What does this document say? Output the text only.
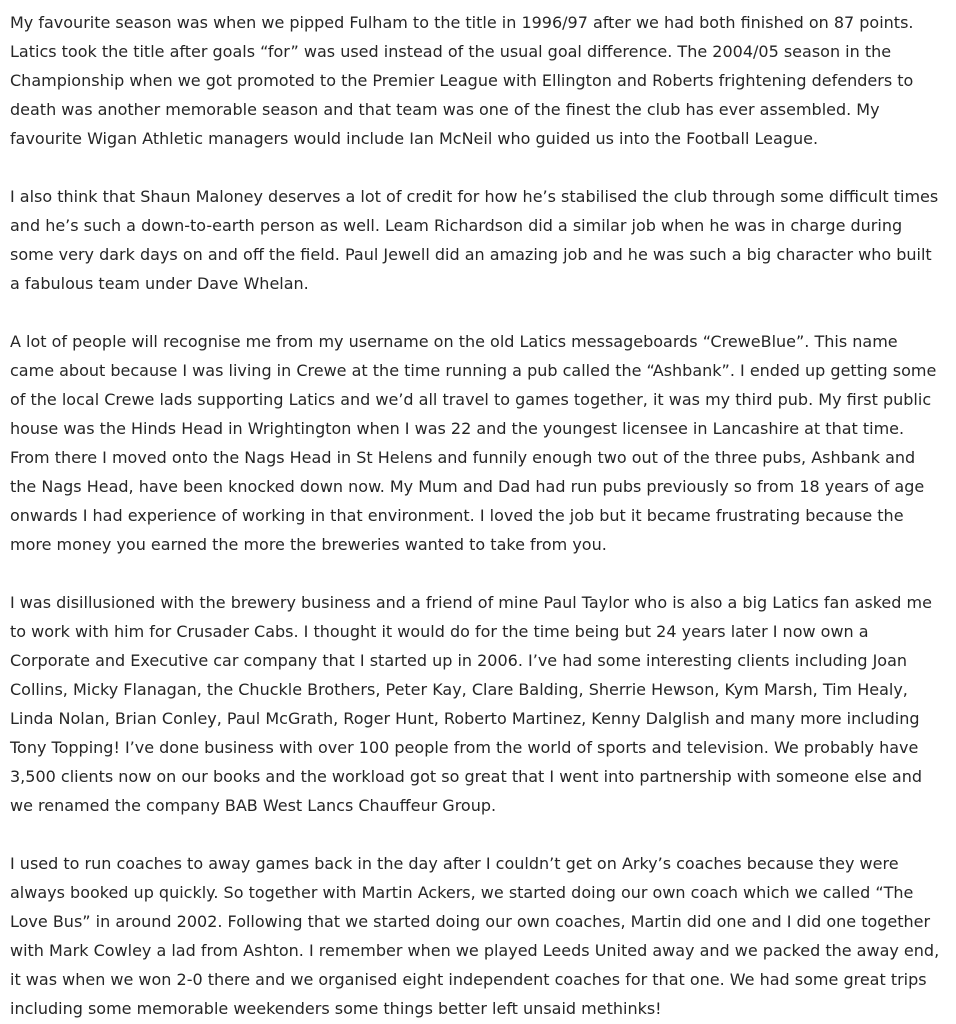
My favourite season was when we pipped Fulham to the title in 1996/97 after we had both finished on 87 points. Latics took the title after goals “for” was used instead of the usual goal difference. The 2004/05 season in the Championship when we got promoted to the Premier League with Ellington and Roberts frightening defenders to death was another memorable season and that team was one of the finest the club has ever assembled. My favourite Wigan Athletic managers would include Ian McNeil who guided us into the Football League.

I also think that Shaun Maloney deserves a lot of credit for how he’s stabilised the club through some difficult times and he’s such a down-to-earth person as well. Leam Richardson did a similar job when he was in charge during some very dark days on and off the field. Paul Jewell did an amazing job and he was such a big character who built a fabulous team under Dave Whelan.

A lot of people will recognise me from my username on the old Latics messageboards “CreweBlue”. This name came about because I was living in Crewe at the time running a pub called the “Ashbank”. I ended up getting some of the local Crewe lads supporting Latics and we’d all travel to games together, it was my third pub. My first public house was the Hinds Head in Wrightington when I was 22 and the youngest licensee in Lancashire at that time. From there I moved onto the Nags Head in St Helens and funnily enough two out of the three pubs, Ashbank and the Nags Head, have been knocked down now. My Mum and Dad had run pubs previously so from 18 years of age onwards I had experience of working in that environment. I loved the job but it became frustrating because the more money you earned the more the breweries wanted to take from you.

I was disillusioned with the brewery business and a friend of mine Paul Taylor who is also a big Latics fan asked me to work with him for Crusader Cabs. I thought it would do for the time being but 24 years later I now own a Corporate and Executive car company that I started up in 2006. I’ve had some interesting clients including Joan Collins, Micky Flanagan, the Chuckle Brothers, Peter Kay, Clare Balding, Sherrie Hewson, Kym Marsh, Tim Healy, Linda Nolan, Brian Conley, Paul McGrath, Roger Hunt, Roberto Martinez, Kenny Dalglish and many more including Tony Topping! I’ve done business with over 100 people from the world of sports and television. We probably have 3,500 clients now on our books and the workload got so great that I went into partnership with someone else and we renamed the company BAB West Lancs Chauffeur Group.

I used to run coaches to away games back in the day after I couldn’t get on Arky’s coaches because they were always booked up quickly. So together with Martin Ackers, we started doing our own coach which we called “The Love Bus” in around 2002. Following that we started doing our own coaches, Martin did one and I did one together with Mark Cowley a lad from Ashton. I remember when we played Leeds United away and we packed the away end, it was when we won 2-0 there and we organised eight independent coaches for that one. We had some great trips including some memorable weekenders some things better left unsaid methinks!
